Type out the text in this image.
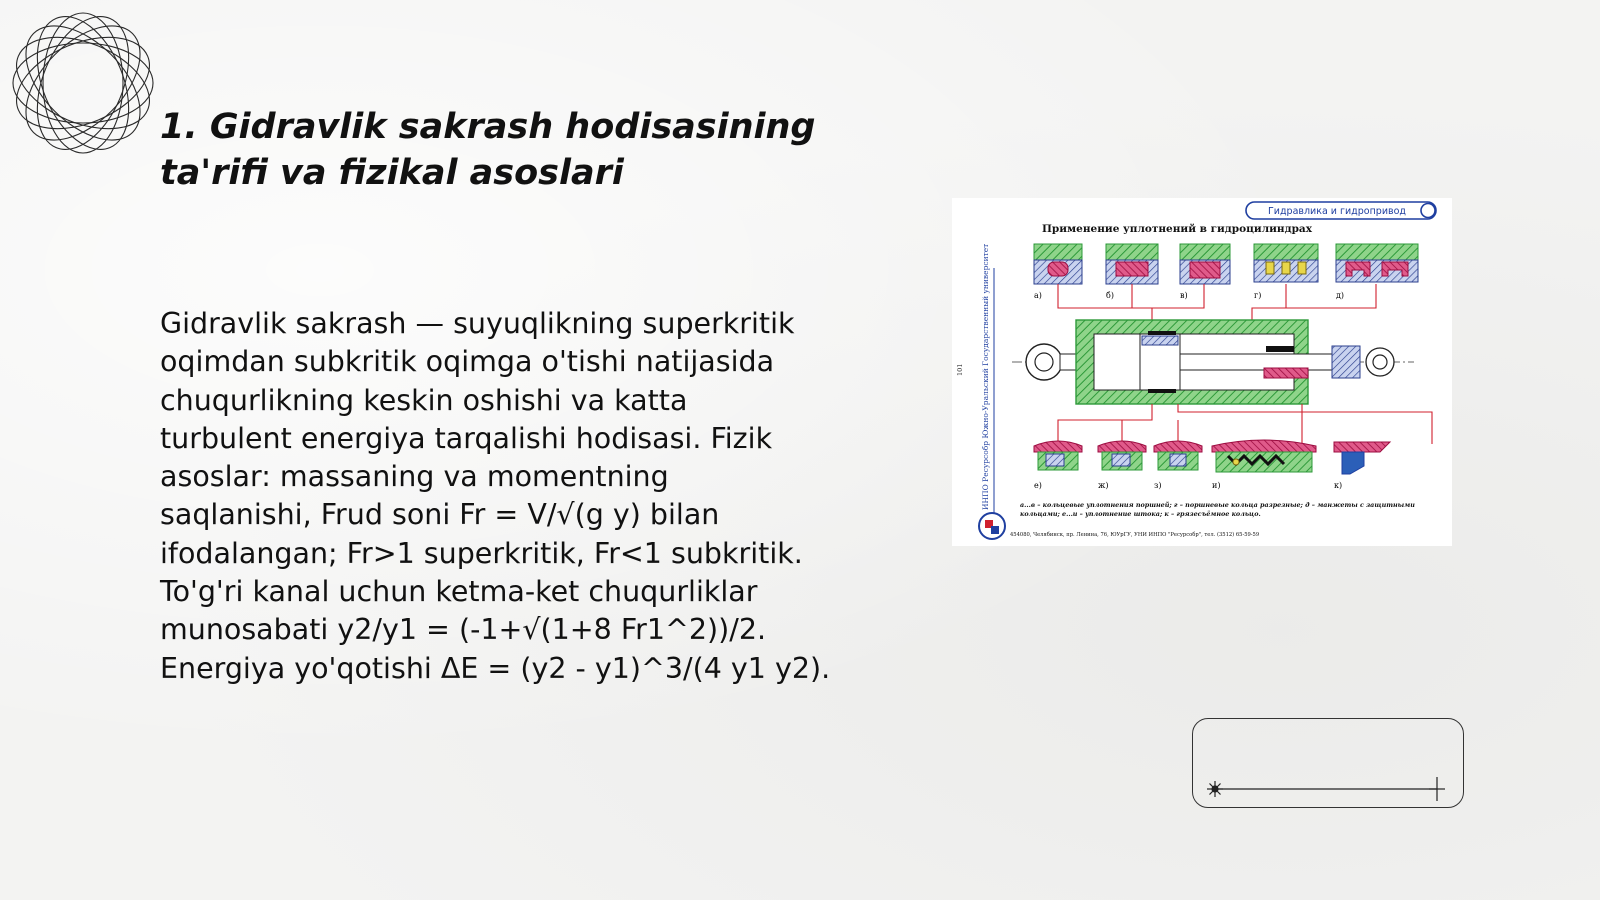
1. Gidravlik sakrash hodisasining
ta'rifi va fizikal asoslari
Gidravlik sakrash — suyuqlikning superkritik
oqimdan subkritik oqimga o'tishi natijasida
chuqurlikning keskin oshishi va katta
turbulent energiya tarqalishi hodisasi. Fizik
asoslar: massaning va momentning
saqlanishi, Frud soni Fr = V/√(g y) bilan
ifodalangan; Fr>1 superkritik, Fr<1 subkritik.
To'g'ri kanal uchun ketma-ket chuqurliklar
munosabati y2/y1 = (-1+√(1+8 Fr1^2))/2.
Energiya yo'qotishi ΔE = (y2 - y1)^3/(4 y1 y2).
Гидравлика и гидропривод
Применение уплотнений в гидроцилиндрах
ИНПО Ресурсобр Южно-Уральский Государственный университет
101
а)	б)	в)	г)	д)
е)	ж)	з)	и)	к)
а...в – кольцевые уплотнения поршней; г – поршневые кольца разрезные; д – манжеты с защитными
кольцами; е...и – уплотнение штока; к – грязесъёмное кольцо.
454080, Челябинск, пр. Ленина, 76, ЮУрГУ, УНИ ИНПО "Ресурсобр", тел. (3512) 65-59-59
